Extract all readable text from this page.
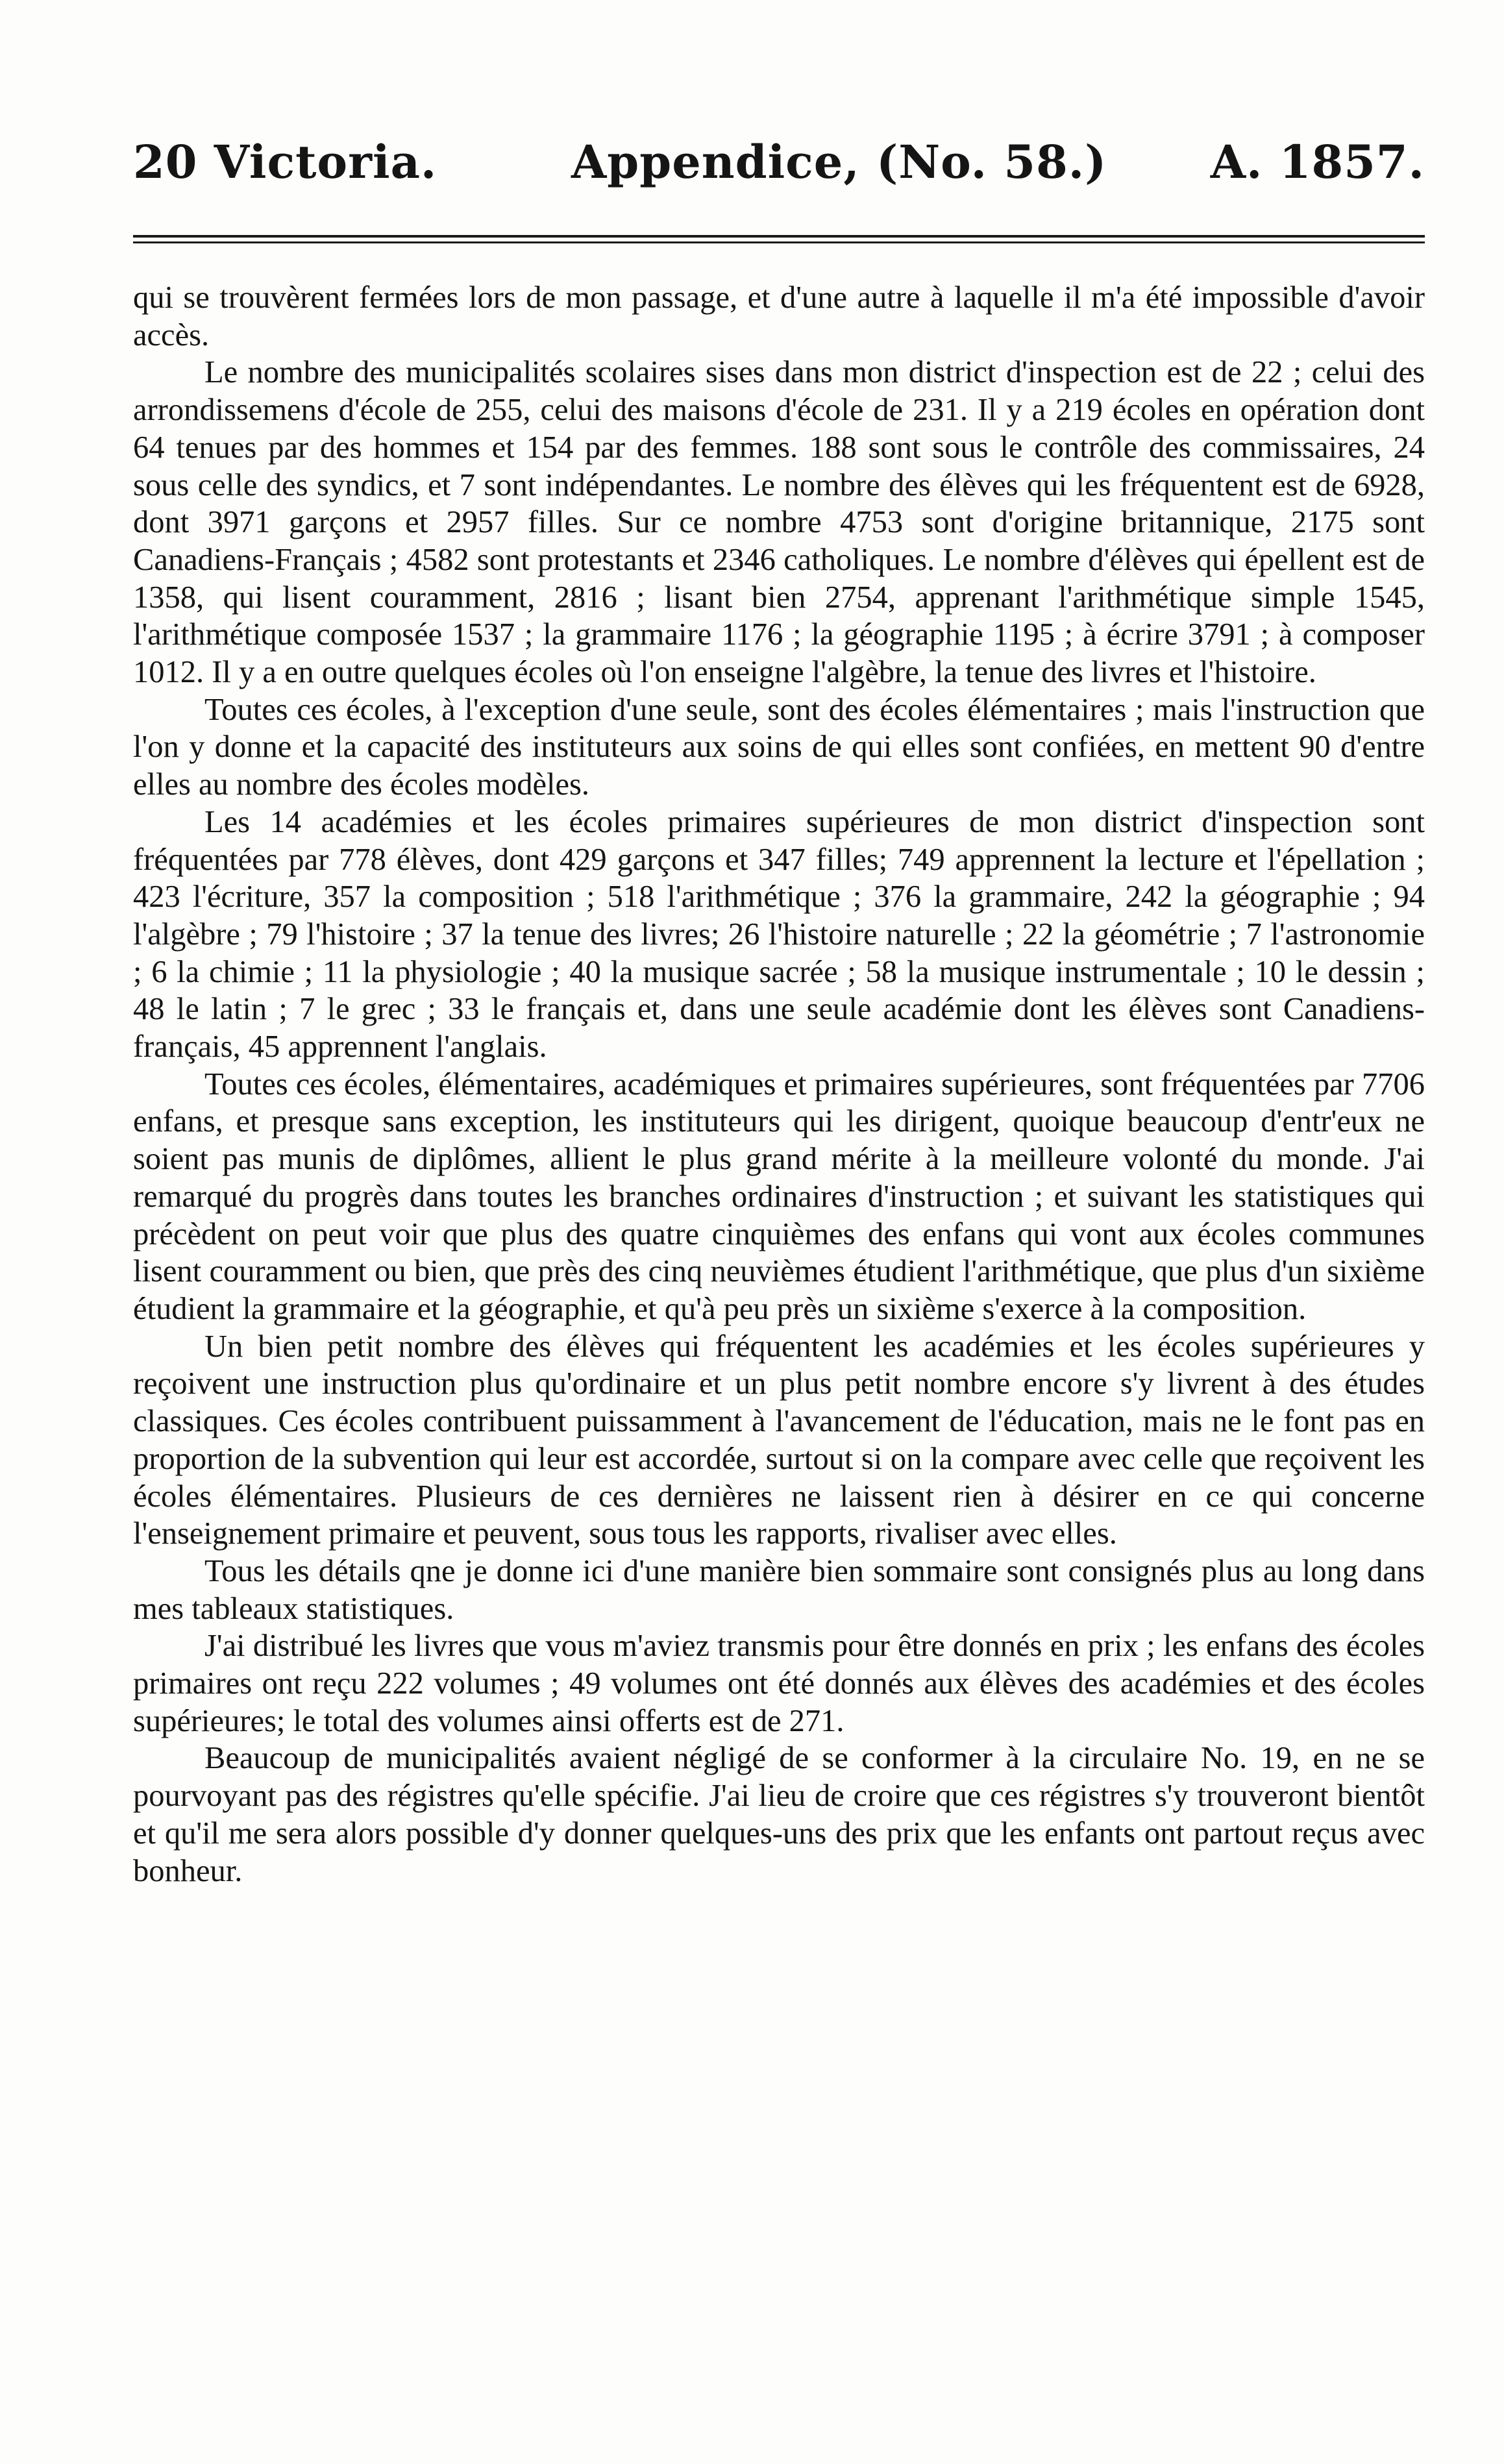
20 Victoria.	Appendice, (No. 58.) A. 1857.

qui se trouvèrent fermées lors de mon passage, et d'une autre à laquelle il m'a été impossible d'avoir accès.

Le nombre des municipalités scolaires sises dans mon district d'inspection est de 22 ; celui des arrondissemens d'école de 255, celui des maisons d'école de 231. Il y a 219 écoles en opération dont 64 tenues par des hommes et 154 par des femmes. 188 sont sous le contrôle des commissaires, 24 sous celle des syndics, et 7 sont indépendantes. Le nombre des élèves qui les fréquentent est de 6928, dont 3971 garçons et 2957 filles. Sur ce nombre 4753 sont d'origine britannique, 2175 sont Canadiens-Français ; 4582 sont protestants et 2346 catholiques. Le nombre d'élèves qui épellent est de 1358, qui lisent couramment, 2816 ; lisant bien 2754, apprenant l'arithmétique simple 1545, l'arithmétique composée 1537 ; la grammaire 1176 ; la géographie 1195 ; à écrire 3791 ; à composer 1012. Il y a en outre quelques écoles où l'on enseigne l'algèbre, la tenue des livres et l'histoire.

Toutes ces écoles, à l'exception d'une seule, sont des écoles élémentaires ; mais l'instruction que l'on y donne et la capacité des instituteurs aux soins de qui elles sont confiées, en mettent 90 d'entre elles au nombre des écoles modèles.

Les 14 académies et les écoles primaires supérieures de mon district d'inspection sont fréquentées par 778 élèves, dont 429 garçons et 347 filles; 749 apprennent la lecture et l'épellation ; 423 l'écriture, 357 la composition ; 518 l'arithmétique ; 376 la grammaire, 242 la géographie ; 94 l'algèbre ; 79 l'histoire ; 37 la tenue des livres; 26 l'histoire naturelle ; 22 la géométrie ; 7 l'astronomie ; 6 la chimie ; 11 la physiologie ; 40 la musique sacrée ; 58 la musique instrumentale ; 10 le dessin ; 48 le latin ; 7 le grec ; 33 le français et, dans une seule académie dont les élèves sont Canadiens-français, 45 apprennent l'anglais.

Toutes ces écoles, élémentaires, académiques et primaires supérieures, sont fréquentées par 7706 enfans, et presque sans exception, les instituteurs qui les dirigent, quoique beaucoup d'entr'eux ne soient pas munis de diplômes, allient le plus grand mérite à la meilleure volonté du monde. J'ai remarqué du progrès dans toutes les branches ordinaires d'instruction ; et suivant les statistiques qui précèdent on peut voir que plus des quatre cinquièmes des enfans qui vont aux écoles communes lisent couramment ou bien, que près des cinq neuvièmes étudient l'arithmétique, que plus d'un sixième étudient la grammaire et la géographie, et qu'à peu près un sixième s'exerce à la composition.

Un bien petit nombre des élèves qui fréquentent les académies et les écoles supérieures y reçoivent une instruction plus qu'ordinaire et un plus petit nombre encore s'y livrent à des études classiques. Ces écoles contribuent puissamment à l'avancement de l'éducation, mais ne le font pas en proportion de la subvention qui leur est accordée, surtout si on la compare avec celle que reçoivent les écoles élémentaires. Plusieurs de ces dernières ne laissent rien à désirer en ce qui concerne l'enseignement primaire et peuvent, sous tous les rapports, rivaliser avec elles.

Tous les détails qne je donne ici d'une manière bien sommaire sont consignés plus au long dans mes tableaux statistiques.

J'ai distribué les livres que vous m'aviez transmis pour être donnés en prix ; les enfans des écoles primaires ont reçu 222 volumes ; 49 volumes ont été donnés aux élèves des académies et des écoles supérieures; le total des volumes ainsi offerts est de 271.

Beaucoup de municipalités avaient négligé de se conformer à la circulaire No. 19, en ne se pourvoyant pas des régistres qu'elle spécifie. J'ai lieu de croire que ces régistres s'y trouveront bientôt et qu'il me sera alors possible d'y donner quelques-uns des prix que les enfants ont partout reçus avec bonheur.
